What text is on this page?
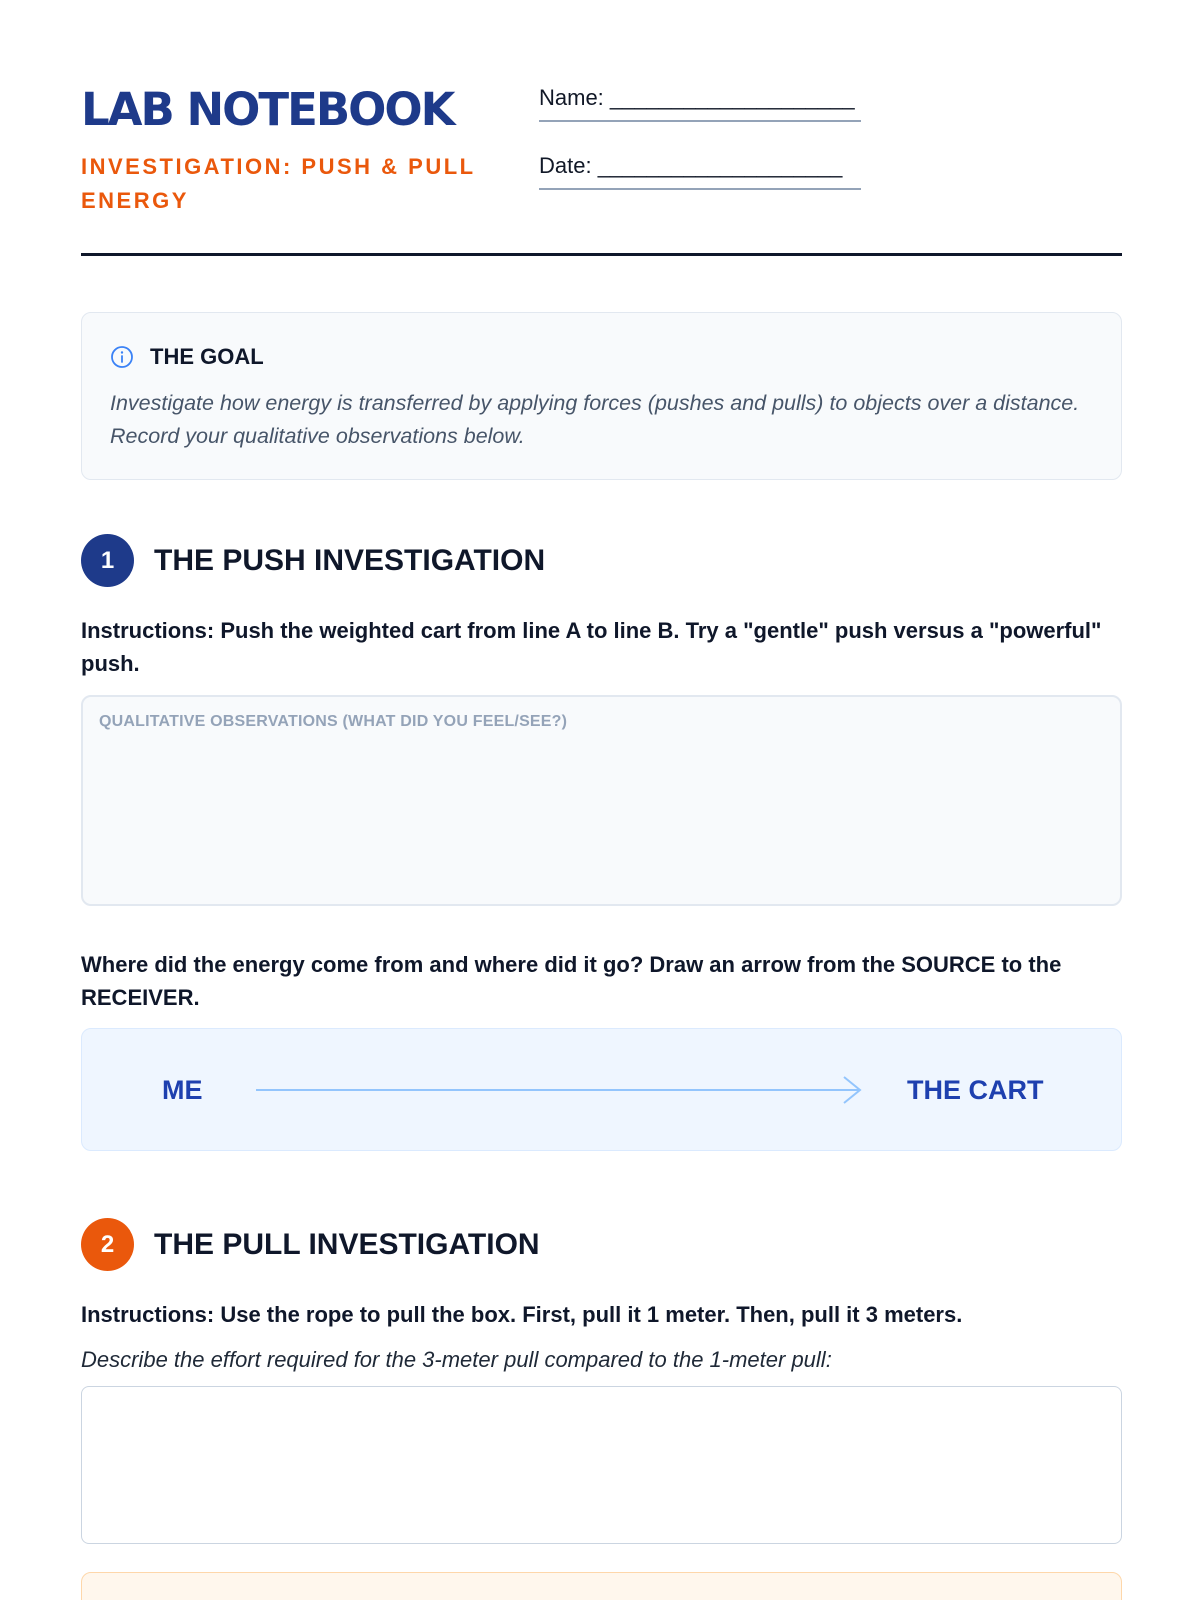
LAB NOTEBOOK
INVESTIGATION: PUSH & PULL ENERGY
Name: ____________________
Date: ____________________
THE GOAL
Investigate how energy is transferred by applying forces (pushes and pulls) to objects over a distance. Record your qualitative observations below.
1	THE PUSH INVESTIGATION
Instructions: Push the weighted cart from line A to line B. Try a "gentle" push versus a "powerful" push.
QUALITATIVE OBSERVATIONS (WHAT DID YOU FEEL/SEE?)
Where did the energy come from and where did it go? Draw an arrow from the SOURCE to the RECEIVER.
ME	THE CART
2	THE PULL INVESTIGATION
Instructions: Use the rope to pull the box. First, pull it 1 meter. Then, pull it 3 meters.
Describe the effort required for the 3-meter pull compared to the 1-meter pull:
